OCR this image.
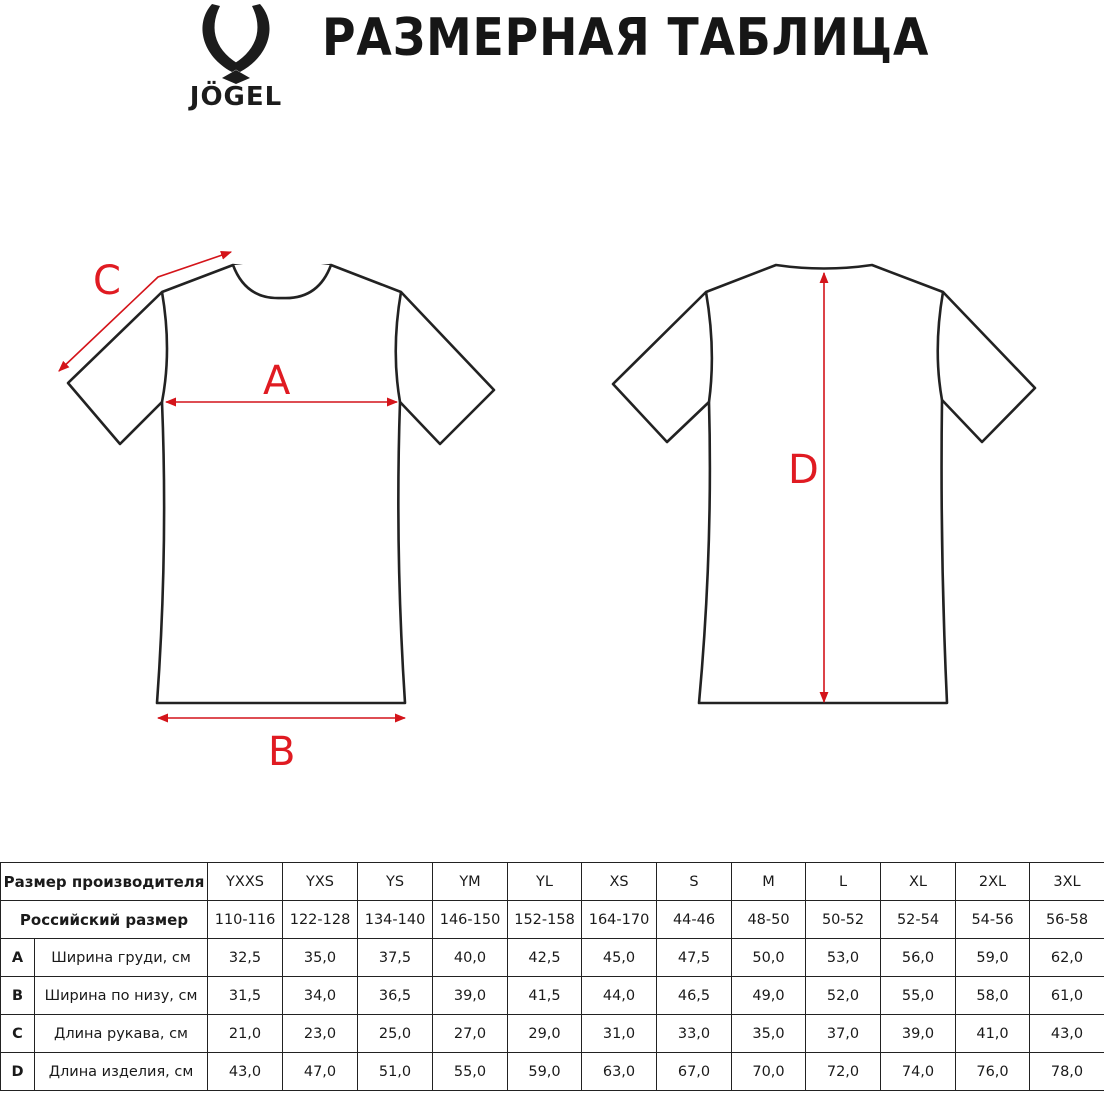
JÖGEL
РАЗМЕРНАЯ ТАБЛИЦА
A
B
C
D
Размер производителя		YXXS	YXS	YS	YM	YL	XS	S	M	L	XL	2XL	3XL
Российский размер		110-116	122-128	134-140	146-150	152-158	164-170	44-46	48-50	50-52	52-54	54-56	56-58
A	Ширина груди, см	32,5	35,0	37,5	40,0	42,5	45,0	47,5	50,0	53,0	56,0	59,0	62,0
B	Ширина по низу, см	31,5	34,0	36,5	39,0	41,5	44,0	46,5	49,0	52,0	55,0	58,0	61,0
C	Длина рукава, см	21,0	23,0	25,0	27,0	29,0	31,0	33,0	35,0	37,0	39,0	41,0	43,0
D	Длина изделия, см	43,0	47,0	51,0	55,0	59,0	63,0	67,0	70,0	72,0	74,0	76,0	78,0
